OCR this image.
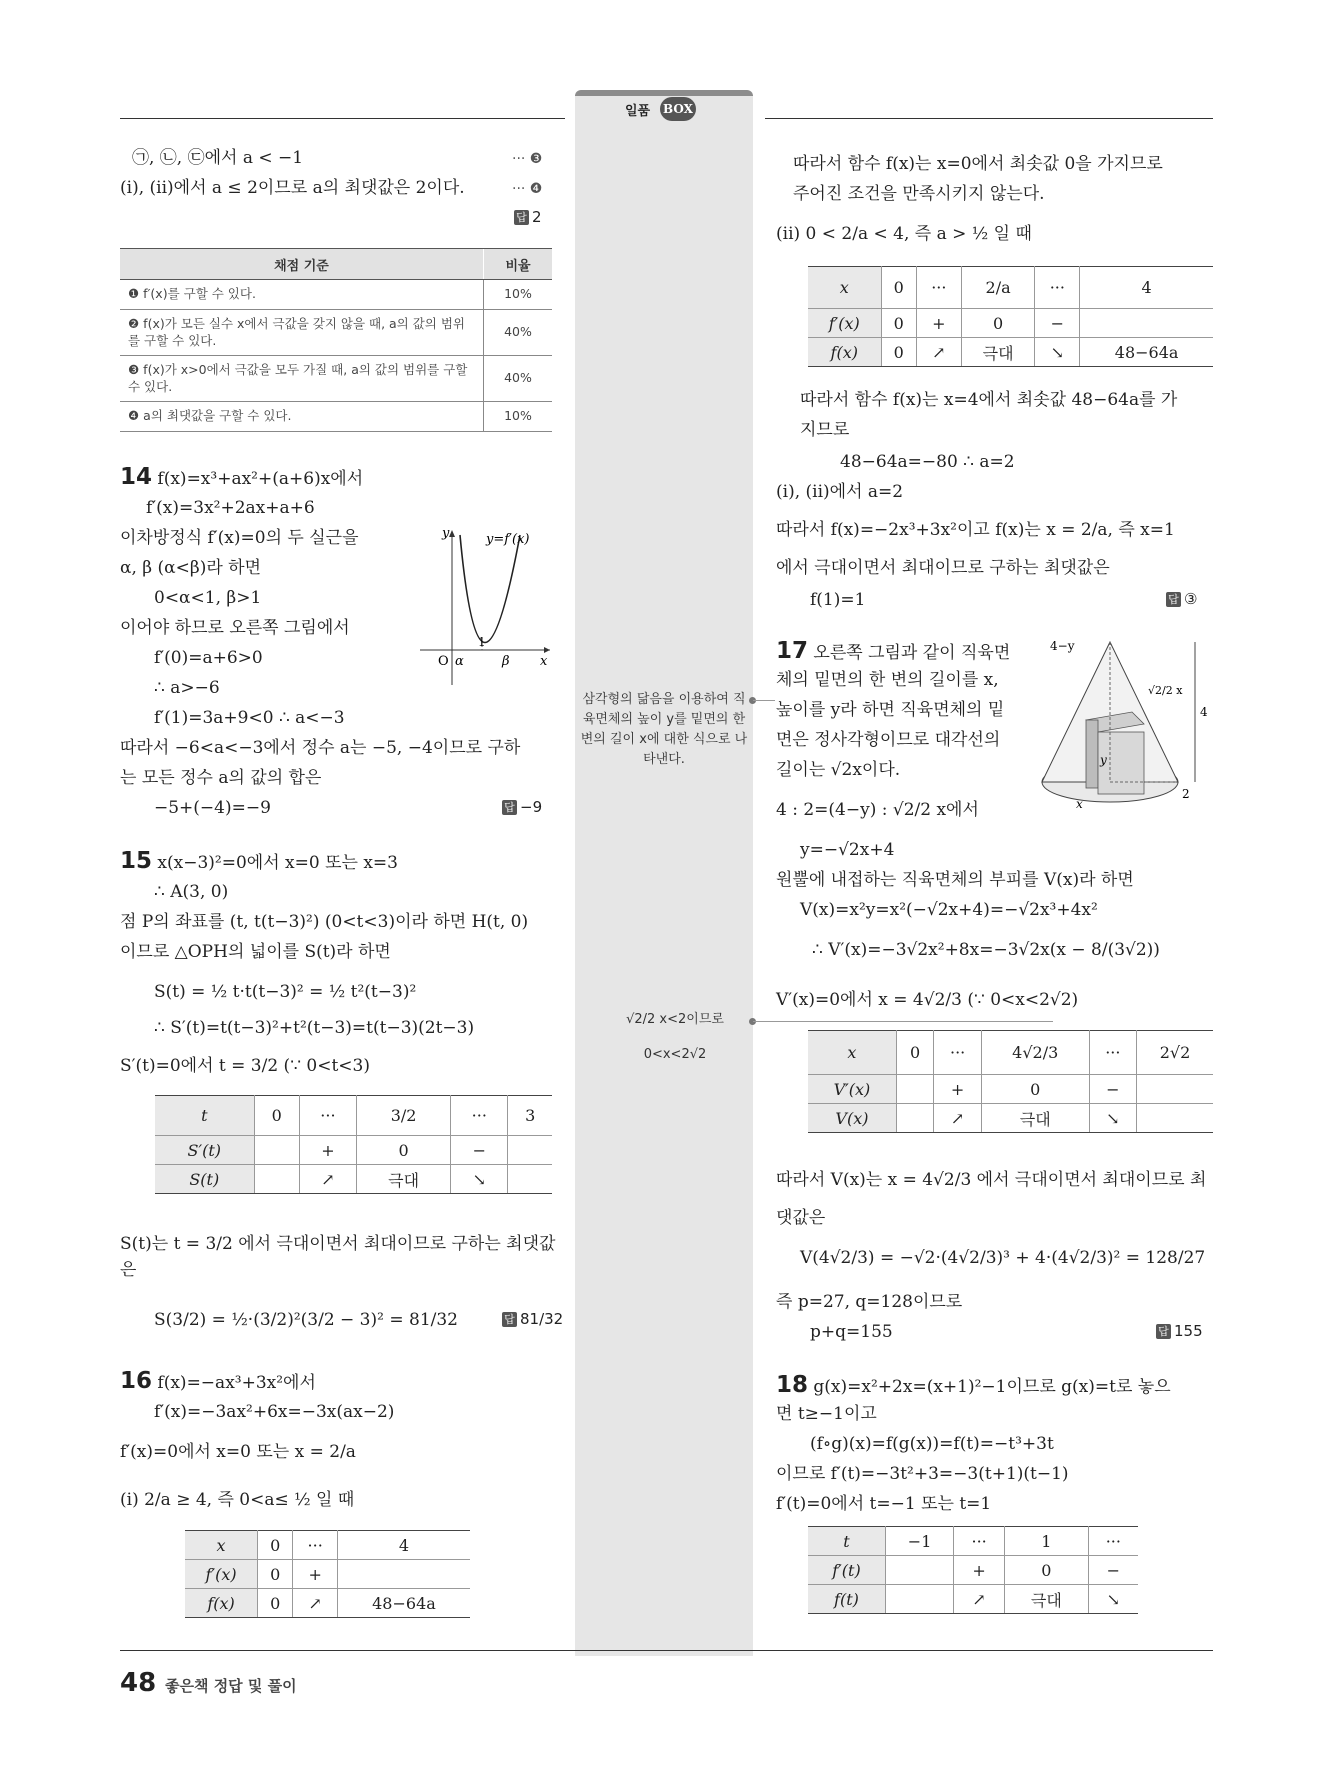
일품 BOX
㉠, ㉡, ㉢에서 a < −1	··· ❸
(i), (ii)에서 a ≤ 2이므로 a의 최댓값은 2이다.	··· ❹
답 2
채점 기준	비율
❶ f′(x)를 구할 수 있다.	10%
❷ f(x)가 모든 실수 x에서 극값을 갖지 않을 때, a의 값의 범위를 구할 수 있다.	40%
❸ f(x)가 x>0에서 극값을 모두 가질 때, a의 값의 범위를 구할 수 있다.	40%
❹ a의 최댓값을 구할 수 있다.	10%
14 f(x)=x³+ax²+(a+6)x에서
f′(x)=3x²+2ax+a+6
이차방정식 f′(x)=0의 두 실근을
α, β (α<β)라 하면
0<α<1, β>1
이어야 하므로 오른쪽 그림에서
f′(0)=a+6>0
∴ a>−6
f′(1)=3a+9<0 ∴ a<−3
따라서 −6<a<−3에서 정수 a는 −5, −4이므로 구하
는 모든 정수 a의 값의 합은
−5+(−4)=−9	답 −9
y	y=f′(x)
x
O α	β
1
15 x(x−3)²=0에서 x=0 또는 x=3
∴ A(3, 0)
점 P의 좌표를 (t, t(t−3)²) (0<t<3)이라 하면 H(t, 0)
이므로 △OPH의 넓이를 S(t)라 하면
S(t) = ½ t·t(t−3)² = ½ t²(t−3)²
∴ S′(t)=t(t−3)²+t²(t−3)=t(t−3)(2t−3)
S′(t)=0에서 t = 3/2 (∵ 0<t<3)
t	0	···	3/2	···	3
S′(t)		+	0	−	
S(t)		↗	극대	↘	
S(t)는 t = 3/2 에서 극대이면서 최대이므로 구하는 최댓값
은
S(3/2) = ½·(3/2)²(3/2 − 3)² = 81/32	답 81/32
16 f(x)=−ax³+3x²에서
f′(x)=−3ax²+6x=−3x(ax−2)
f′(x)=0에서 x=0 또는 x = 2/a
(i) 2/a ≥ 4, 즉 0<a≤ ½ 일 때
x	0	···	4
f′(x)	0	+	
f(x)	0	↗	48−64a
삼각형의 닮음을 이용하여 직육면체의 높이 y를 밑면의 한 변의 길이 x에 대한 식으로 나타낸다.
√2/2 x<2이므로
0<x<2√2
따라서 함수 f(x)는 x=0에서 최솟값 0을 가지므로
주어진 조건을 만족시키지 않는다.
(ii) 0 < 2/a < 4, 즉 a > ½ 일 때
x	0	···	2/a	···	4
f′(x)	0	+	0	−	
f(x)	0	↗	극대	↘	48−64a
따라서 함수 f(x)는 x=4에서 최솟값 48−64a를 가
지므로
48−64a=−80 ∴ a=2
(i), (ii)에서 a=2
따라서 f(x)=−2x³+3x²이고 f(x)는 x = 2/a, 즉 x=1
에서 극대이면서 최대이므로 구하는 최댓값은
f(1)=1	답 ③
17 오른쪽 그림과 같이 직육면
체의 밑면의 한 변의 길이를 x,
높이를 y라 하면 직육면체의 밑
면은 정사각형이므로 대각선의
길이는 √2x이다.
4 : 2=(4−y) : √2/2 x에서
y=−√2x+4
원뿔에 내접하는 직육면체의 부피를 V(x)라 하면
V(x)=x²y=x²(−√2x+4)=−√2x³+4x²
∴ V′(x)=−3√2x²+8x=−3√2x(x − 8/(3√2))
V′(x)=0에서 x = 4√2/3 (∵ 0<x<2√2)
4−y
√2/2 x
4
y
x
2
x	0	···	4√2/3	···	2√2
V′(x)		+	0	−	
V(x)		↗	극대	↘	
따라서 V(x)는 x = 4√2/3 에서 극대이면서 최대이므로 최
댓값은
V(4√2/3) = −√2·(4√2/3)³ + 4·(4√2/3)² = 128/27
즉 p=27, q=128이므로
p+q=155	답 155
18 g(x)=x²+2x=(x+1)²−1이므로 g(x)=t로 놓으
면 t≥−1이고
(f∘g)(x)=f(g(x))=f(t)=−t³+3t
이므로 f′(t)=−3t²+3=−3(t+1)(t−1)
f′(t)=0에서 t=−1 또는 t=1
t	−1	···	1	···
f′(t)		+	0	−
f(t)		↗	극대	↘
48 좋은책 정답 및 풀이
